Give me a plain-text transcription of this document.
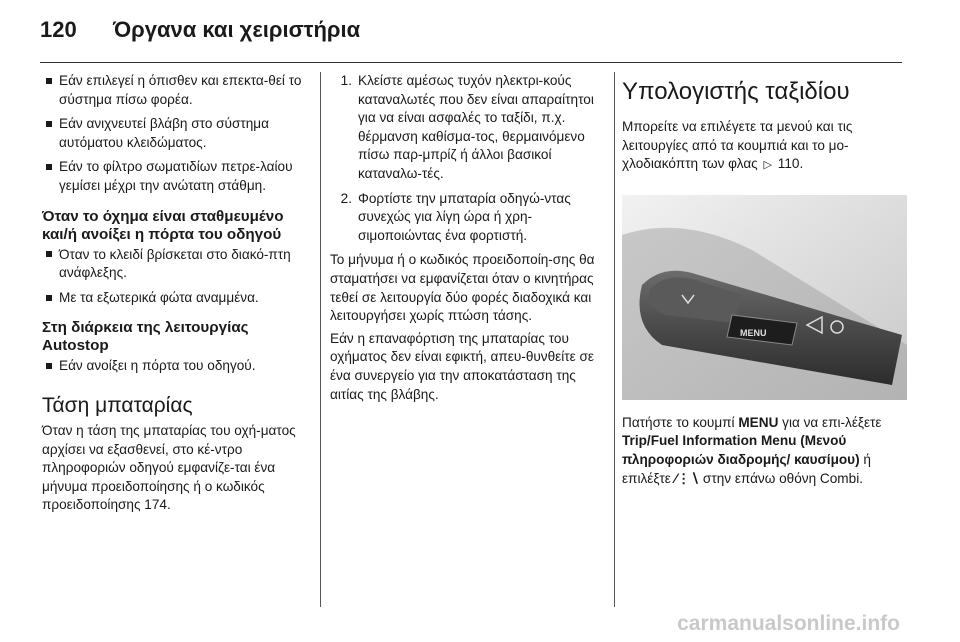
120 Όργανα και χειριστήρια
Εάν επιλεγεί η όπισθεν και επεκτα-θεί το σύστημα πίσω φορέα.
Εάν ανιχνευτεί βλάβη στο σύστημα αυτόματου κλειδώματος.
Εάν το φίλτρο σωματιδίων πετρε-λαίου γεμίσει μέχρι την ανώτατη στάθμη.
Όταν το όχημα είναι σταθμευμένο και/ή ανοίξει η πόρτα του οδηγού
Όταν το κλειδί βρίσκεται στο διακό-πτη ανάφλεξης.
Με τα εξωτερικά φώτα αναμμένα.
Στη διάρκεια της λειτουργίας Autostop
Εάν ανοίξει η πόρτα του οδηγού.
Τάση μπαταρίας

Όταν η τάση της μπαταρίας του οχή-ματος αρχίσει να εξασθενεί, στο κέ-ντρο πληροφοριών οδηγού εμφανίζε-ται ένα μήνυμα προειδοποίησης ή ο κωδικός προειδοποίησης 174.

1. Κλείστε αμέσως τυχόν ηλεκτρι-κούς καταναλωτές που δεν είναι απαραίτητοι για να είναι ασφαλές το ταξίδι, π.χ. θέρμανση καθίσμα-τος, θερμαινόμενο πίσω παρ-μπρίζ ή άλλοι βασικοί καταναλω-τές.
2. Φορτίστε την μπαταρία οδηγώ-ντας συνεχώς για λίγη ώρα ή χρη-σιμοποιώντας ένα φορτιστή.

Το μήνυμα ή ο κωδικός προειδοποίη-σης θα σταματήσει να εμφανίζεται όταν ο κινητήρας τεθεί σε λειτουργία δύο φορές διαδοχικά και λειτουργήσει χωρίς πτώση τάσης.

Εάν η επαναφόρτιση της μπαταρίας του οχήματος δεν είναι εφικτή, απευ-θυνθείτε σε ένα συνεργείο για την αποκατάσταση της αιτίας της βλάβης.

Υπολογιστής ταξιδίου

Μπορείτε να επιλέγετε τα μενού και τις λειτουργίες από τα κουμπιά και το μο-χλοδιακόπτη των φλας ▷ 110.

MENU

Πατήστε το κουμπί MENU για να επι-λέξετε Trip/Fuel Information Menu (Μενού πληροφοριών διαδρομής/ καυσίμου) ή επιλέξτε ⁄⋮∖ στην επάνω οθόνη Combi.

carmanualsonline.info
